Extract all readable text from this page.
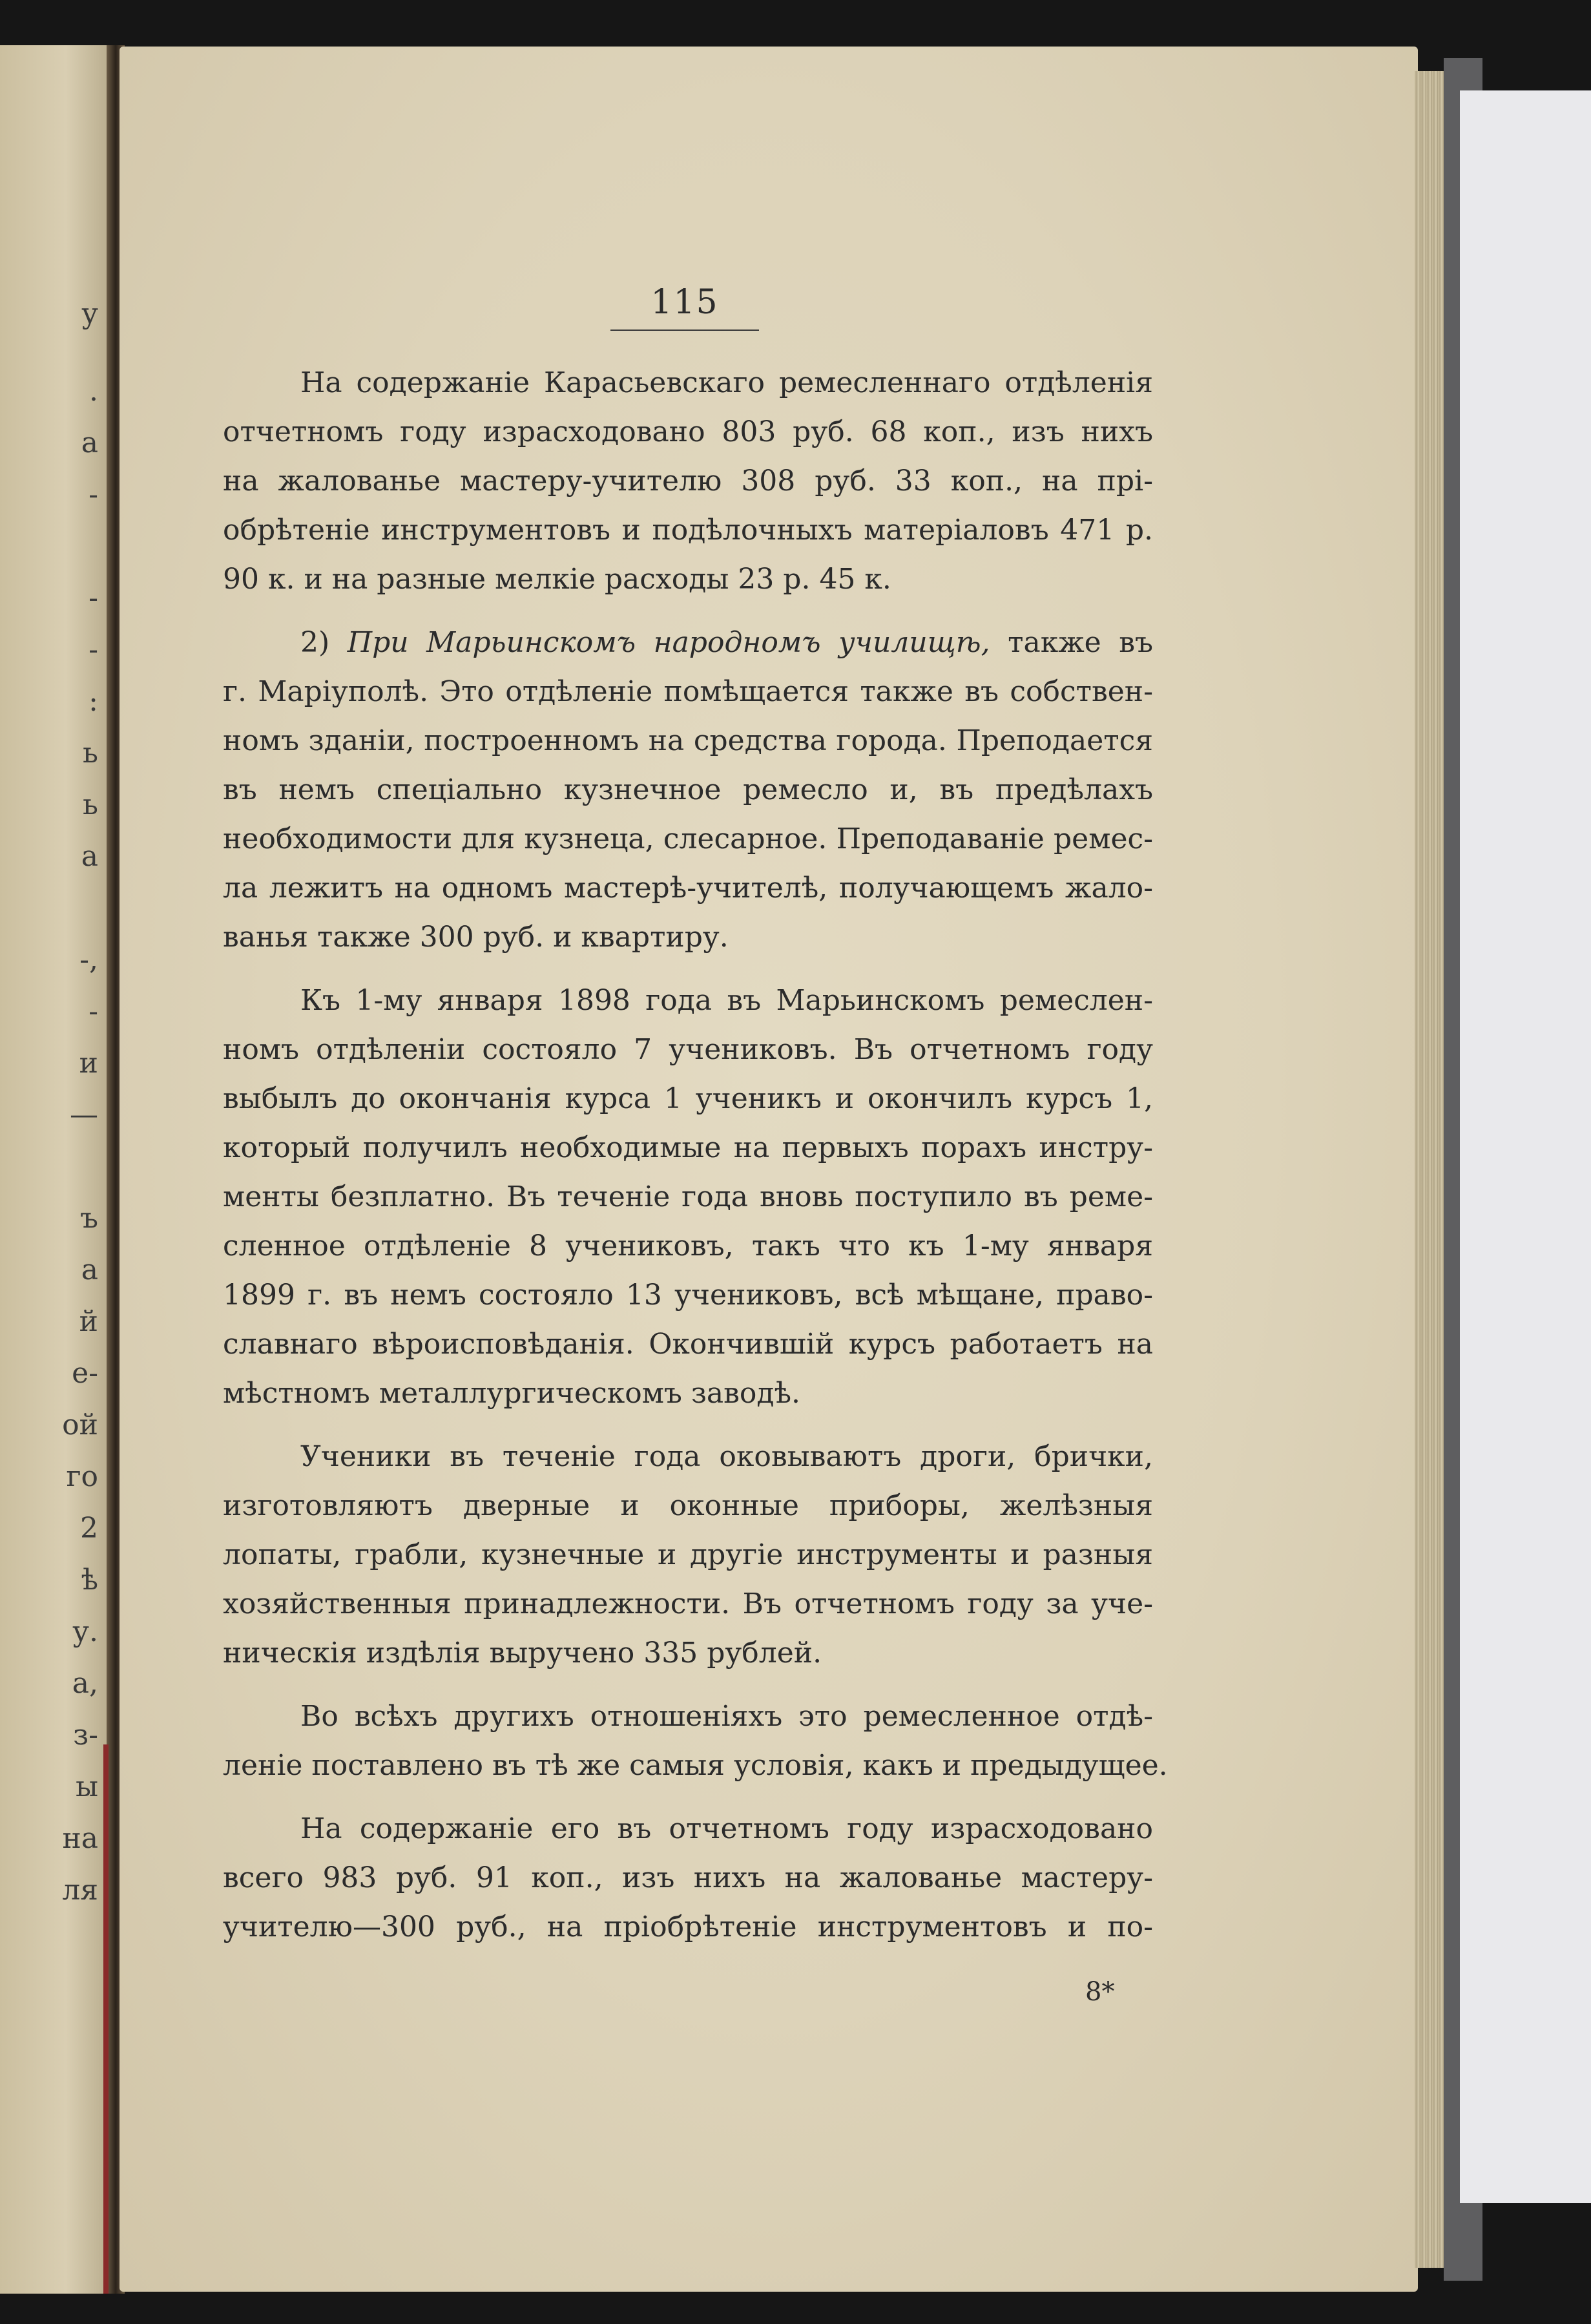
у
.
а
-
-
-
:
ь
ь
а
-,
-
и
—
ъ
а
й
е-
ой
го
2
ѣ
у.
а,
з-
ы
на
ля
115
На содержаніе Карасьевскаго ремесленнаго отдѣленія
отчетномъ году израсходовано 803 руб. 68 коп., изъ нихъ
на жалованье мастеру-учителю 308 руб. 33 коп., на прі-
обрѣтеніе инструментовъ и подѣлочныхъ матеріаловъ 471 р.
90 к. и на разные мелкіе расходы 23 р. 45 к.
2) При Марьинскомъ народномъ училищѣ, также въ
г. Маріуполѣ. Это отдѣленіе помѣщается также въ собствен-
номъ зданіи, построенномъ на средства города. Преподается
въ немъ спеціально кузнечное ремесло и, въ предѣлахъ
необходимости для кузнеца, слесарное. Преподаваніе ремес-
ла лежитъ на одномъ мастерѣ-учителѣ, получающемъ жало-
ванья также 300 руб. и квартиру.
Къ 1-му января 1898 года въ Марьинскомъ ремеслен-
номъ отдѣленіи состояло 7 учениковъ. Въ отчетномъ году
выбылъ до окончанія курса 1 ученикъ и окончилъ курсъ 1,
который получилъ необходимые на первыхъ порахъ инстру-
менты безплатно. Въ теченіе года вновь поступило въ реме-
сленное отдѣленіе 8 учениковъ, такъ что къ 1-му января
1899 г. въ немъ состояло 13 учениковъ, всѣ мѣщане, право-
славнаго вѣроисповѣданія. Окончившій курсъ работаетъ на
мѣстномъ металлургическомъ заводѣ.
Ученики въ теченіе года оковываютъ дроги, брички,
изготовляютъ дверные и оконные приборы, желѣзныя
лопаты, грабли, кузнечные и другіе инструменты и разныя
хозяйственныя принадлежности. Въ отчетномъ году за уче-
ническія издѣлія выручено 335 рублей.
Во всѣхъ другихъ отношеніяхъ это ремесленное отдѣ-
леніе поставлено въ тѣ же самыя условія, какъ и предыдущее.
На содержаніе его въ отчетномъ году израсходовано
всего 983 руб. 91 коп., изъ нихъ на жалованье мастеру-
учителю—300 руб., на пріобрѣтеніе инструментовъ и по-
8*
